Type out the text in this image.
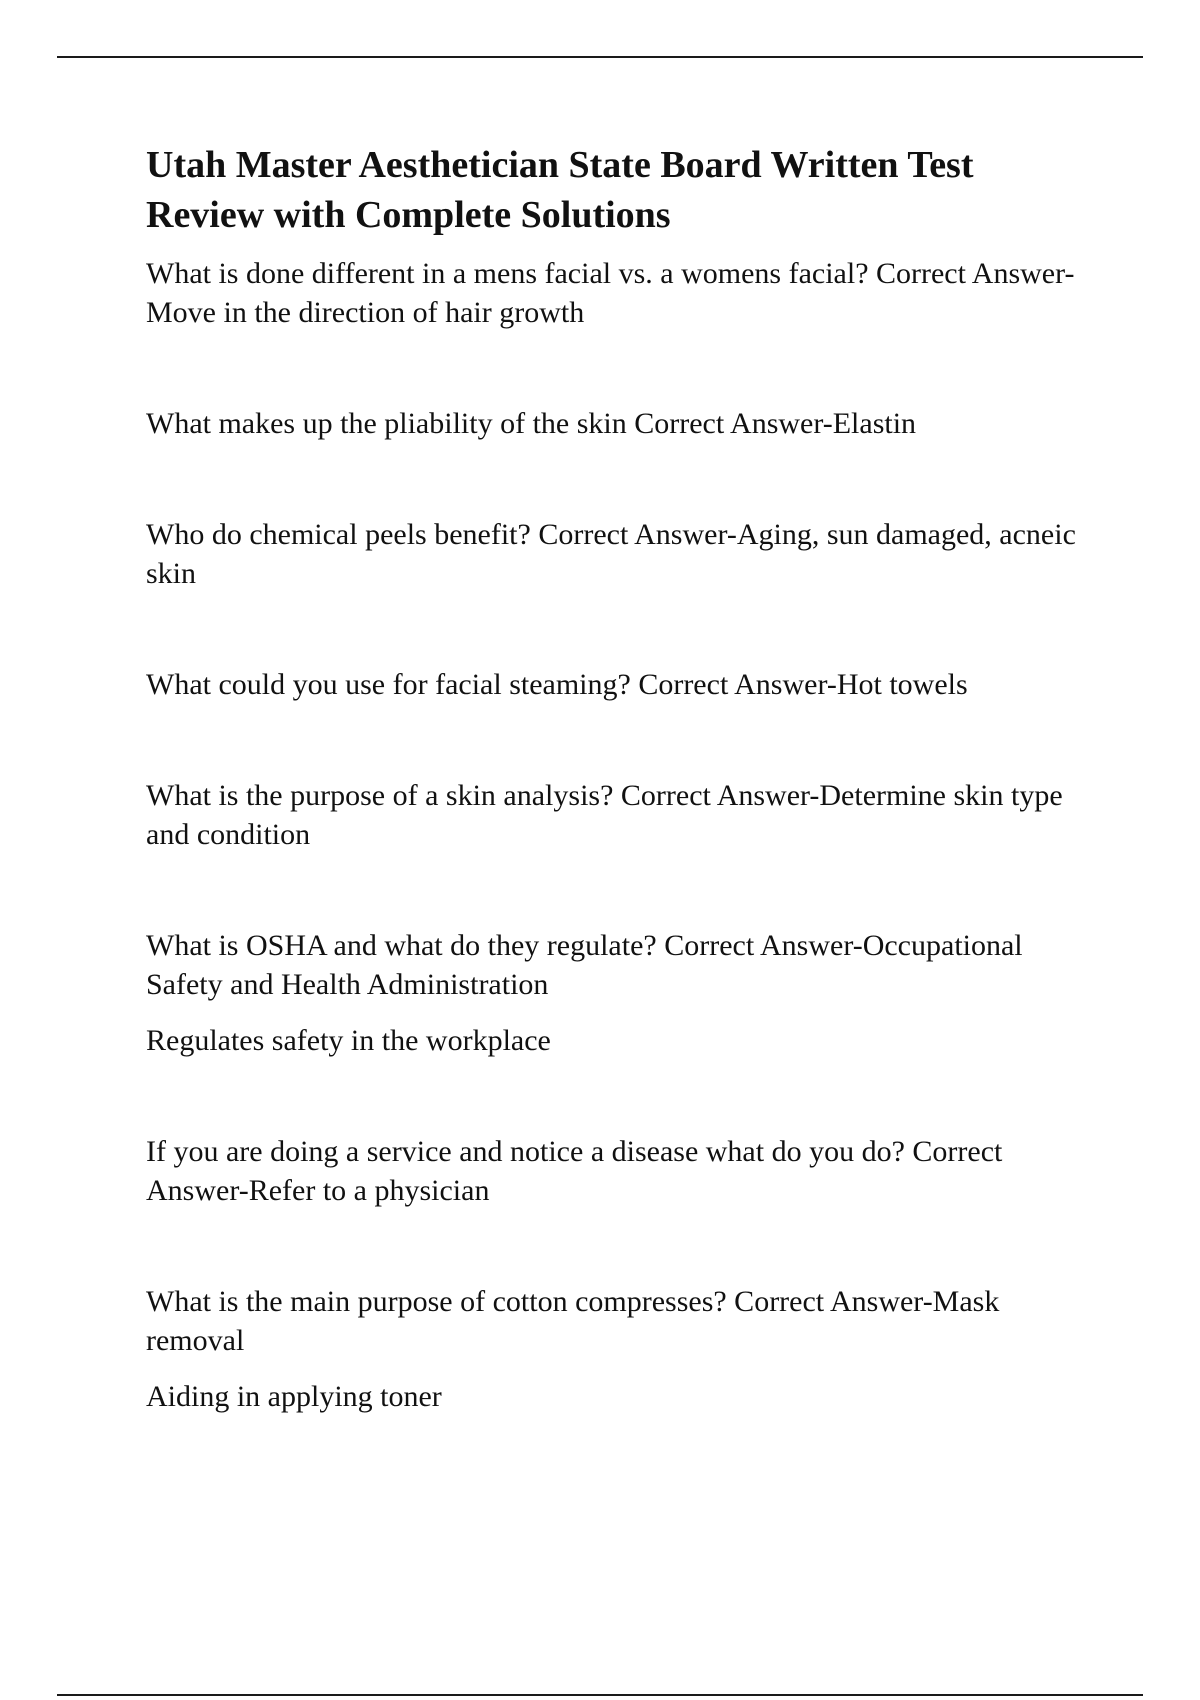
Utah Master Aesthetician State Board Written Test Review with Complete Solutions

What is done different in a mens facial vs. a womens facial? Correct Answer-Move in the direction of hair growth

What makes up the pliability of the skin Correct Answer-Elastin

Who do chemical peels benefit? Correct Answer-Aging, sun damaged, acneic skin

What could you use for facial steaming? Correct Answer-Hot towels

What is the purpose of a skin analysis? Correct Answer-Determine skin type and condition

What is OSHA and what do they regulate? Correct Answer-Occupational Safety and Health Administration

Regulates safety in the workplace

If you are doing a service and notice a disease what do you do? Correct Answer-Refer to a physician

What is the main purpose of cotton compresses? Correct Answer-Mask removal

Aiding in applying toner
